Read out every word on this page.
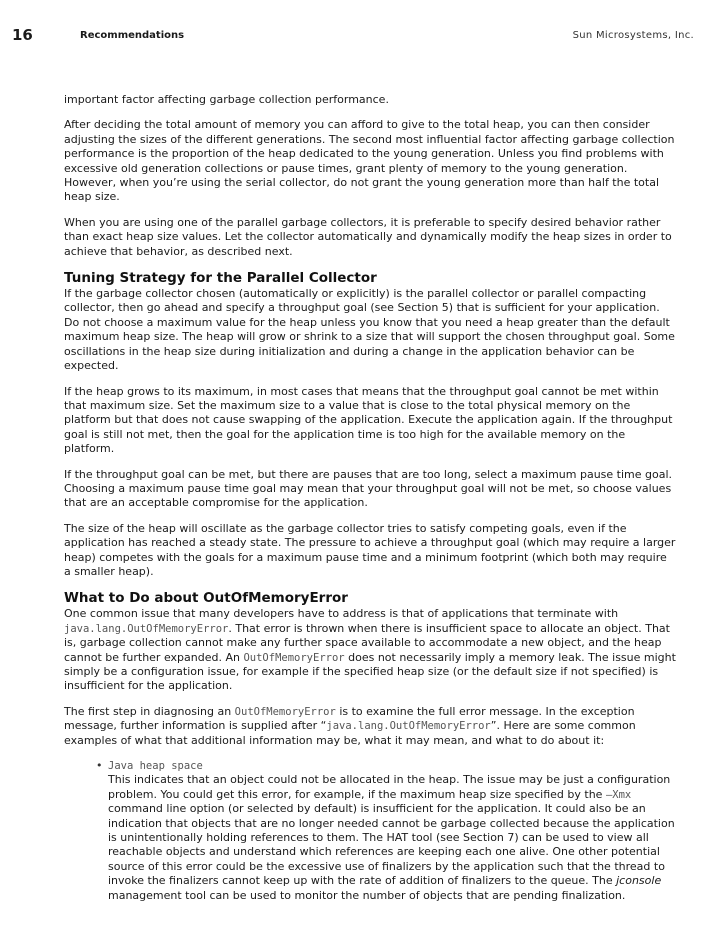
16	Recommendations	Sun Microsystems, Inc.

important factor affecting garbage collection performance.

After deciding the total amount of memory you can afford to give to the total heap, you can then consider adjusting the sizes of the different generations. The second most influential factor affecting garbage collection performance is the proportion of the heap dedicated to the young generation. Unless you find problems with excessive old generation collections or pause times, grant plenty of memory to the young generation. However, when you’re using the serial collector, do not grant the young generation more than half the total heap size.

When you are using one of the parallel garbage collectors, it is preferable to specify desired behavior rather than exact heap size values. Let the collector automatically and dynamically modify the heap sizes in order to achieve that behavior, as described next.

Tuning Strategy for the Parallel Collector

If the garbage collector chosen (automatically or explicitly) is the parallel collector or parallel compacting collector, then go ahead and specify a throughput goal (see Section 5) that is sufficient for your application. Do not choose a maximum value for the heap unless you know that you need a heap greater than the default maximum heap size. The heap will grow or shrink to a size that will support the chosen throughput goal. Some oscillations in the heap size during initialization and during a change in the application behavior can be expected.

If the heap grows to its maximum, in most cases that means that the throughput goal cannot be met within that maximum size. Set the maximum size to a value that is close to the total physical memory on the platform but that does not cause swapping of the application. Execute the application again. If the throughput goal is still not met, then the goal for the application time is too high for the available memory on the platform.

If the throughput goal can be met, but there are pauses that are too long, select a maximum pause time goal. Choosing a maximum pause time goal may mean that your throughput goal will not be met, so choose values that are an acceptable compromise for the application.

The size of the heap will oscillate as the garbage collector tries to satisfy competing goals, even if the application has reached a steady state. The pressure to achieve a throughput goal (which may require a larger heap) competes with the goals for a maximum pause time and a minimum footprint (which both may require a smaller heap).

What to Do about OutOfMemoryError

One common issue that many developers have to address is that of applications that terminate with java.lang.OutOfMemoryError. That error is thrown when there is insufficient space to allocate an object. That is, garbage collection cannot make any further space available to accommodate a new object, and the heap cannot be further expanded. An OutOfMemoryError does not necessarily imply a memory leak. The issue might simply be a configuration issue, for example if the specified heap size (or the default size if not specified) is insufficient for the application.

The first step in diagnosing an OutOfMemoryError is to examine the full error message. In the exception message, further information is supplied after “java.lang.OutOfMemoryError”. Here are some common examples of what that additional information may be, what it may mean, and what to do about it:

• Java heap space
This indicates that an object could not be allocated in the heap. The issue may be just a configuration problem. You could get this error, for example, if the maximum heap size specified by the –Xmx command line option (or selected by default) is insufficient for the application. It could also be an indication that objects that are no longer needed cannot be garbage collected because the application is unintentionally holding references to them. The HAT tool (see Section 7) can be used to view all reachable objects and understand which references are keeping each one alive. One other potential source of this error could be the excessive use of finalizers by the application such that the thread to invoke the finalizers cannot keep up with the rate of addition of finalizers to the queue. The jconsole management tool can be used to monitor the number of objects that are pending finalization.
